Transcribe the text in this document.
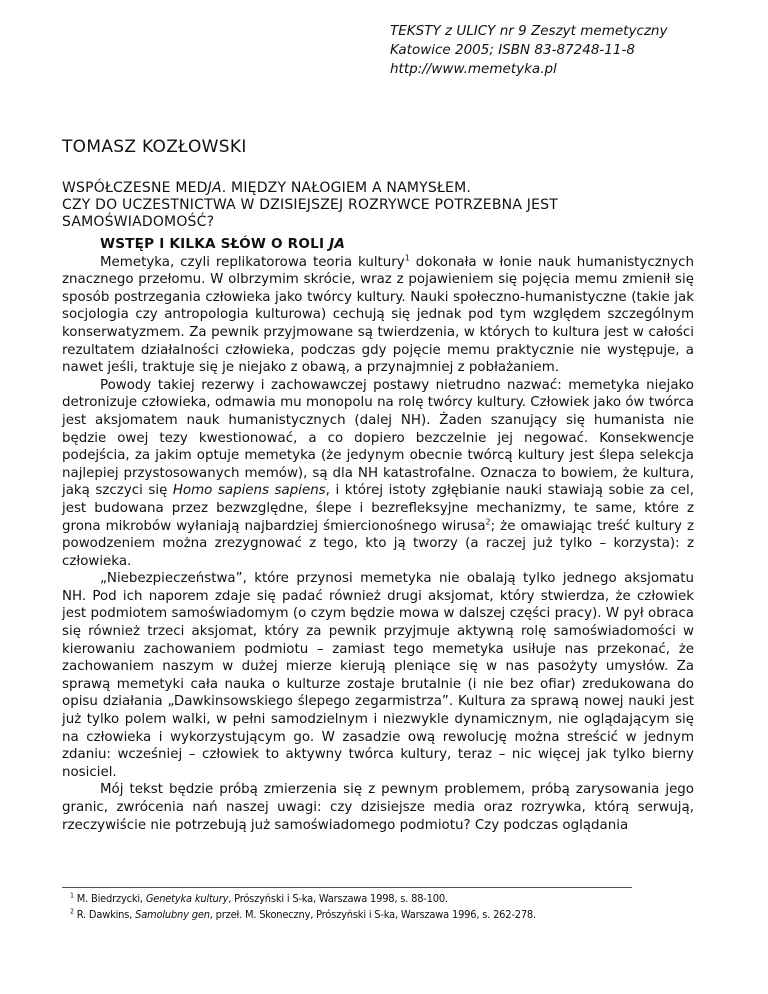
TEKSTY z ULICY nr 9 Zeszyt memetyczny
Katowice 2005; ISBN 83-87248-11-8
http://www.memetyka.pl
TOMASZ KOZŁOWSKI
WSPÓŁCZESNE MEDJA. MIĘDZY NAŁOGIEM A NAMYSŁEM.
CZY DO UCZESTNICTWA W DZISIEJSZEJ ROZRYWCE POTRZEBNA JEST
SAMOŚWIADOMOŚĆ?

WSTĘP I KILKA SŁÓW O ROLI JA

Memetyka, czyli replikatorowa teoria kultury$^1$ dokonała w łonie nauk humanistycznych znacznego przełomu. W olbrzymim skrócie, wraz z pojawieniem się pojęcia memu zmienił się sposób postrzegania człowieka jako twórcy kultury. Nauki społeczno-humanistyczne (takie jak socjologia czy antropologia kulturowa) cechują się jednak pod tym względem szczególnym konserwatyzmem. Za pewnik przyjmowane są twierdzenia, w których to kultura jest w całości rezultatem działalności człowieka, podczas gdy pojęcie memu praktycznie nie występuje, a nawet jeśli, traktuje się je niejako z obawą, a przynajmniej z pobłażaniem.

Powody takiej rezerwy i zachowawczej postawy nietrudno nazwać: memetyka niejako detronizuje człowieka, odmawia mu monopolu na rolę twórcy kultury. Człowiek jako ów twórca jest aksjomatem nauk humanistycznych (dalej NH). Żaden szanujący się humanista nie będzie owej tezy kwestionować, a co dopiero bezczelnie jej negować. Konsekwencje podejścia, za jakim optuje memetyka (że jedynym obecnie twórcą kultury jest ślepa selekcja najlepiej przystosowanych memów), są dla NH katastrofalne. Oznacza to bowiem, że kultura, jaką szczyci się Homo sapiens sapiens, i której istoty zgłębianie nauki stawiają sobie za cel, jest budowana przez bezwzględne, ślepe i bezrefleksyjne mechanizmy, te same, które z grona mikrobów wyłaniają najbardziej śmiercionośnego wirusa$^2$; że omawiając treść kultury z powodzeniem można zrezygnować z tego, kto ją tworzy (a raczej już tylko – korzysta): z człowieka.

„Niebezpieczeństwa”, które przynosi memetyka nie obalają tylko jednego aksjomatu NH. Pod ich naporem zdaje się padać również drugi aksjomat, który stwierdza, że człowiek jest podmiotem samoświadomym (o czym będzie mowa w dalszej części pracy). W pył obraca się również trzeci aksjomat, który za pewnik przyjmuje aktywną rolę samoświadomości w kierowaniu zachowaniem podmiotu – zamiast tego memetyka usiłuje nas przekonać, że zachowaniem naszym w dużej mierze kierują pleniące się w nas pasożyty umysłów. Za sprawą memetyki cała nauka o kulturze zostaje brutalnie (i nie bez ofiar) zredukowana do opisu działania „Dawkinsowskiego ślepego zegarmistrza”. Kultura za sprawą nowej nauki jest już tylko polem walki, w pełni samodzielnym i niezwykle dynamicznym, nie oglądającym się na człowieka i wykorzystującym go. W zasadzie ową rewolucję można streścić w jednym zdaniu: wcześniej – człowiek to aktywny twórca kultury, teraz – nic więcej jak tylko bierny nosiciel.

Mój tekst będzie próbą zmierzenia się z pewnym problemem, próbą zarysowania jego granic, zwrócenia nań naszej uwagi: czy dzisiejsze media oraz rozrywka, którą serwują, rzeczywiście nie potrzebują już samoświadomego podmiotu? Czy podczas oglądania

$^1$ M. Biedrzycki, Genetyka kultury, Prószyński i S-ka, Warszawa 1998, s. 88-100.
$^2$ R. Dawkins, Samolubny gen, przeł. M. Skoneczny, Prószyński i S-ka, Warszawa 1996, s. 262-278.
